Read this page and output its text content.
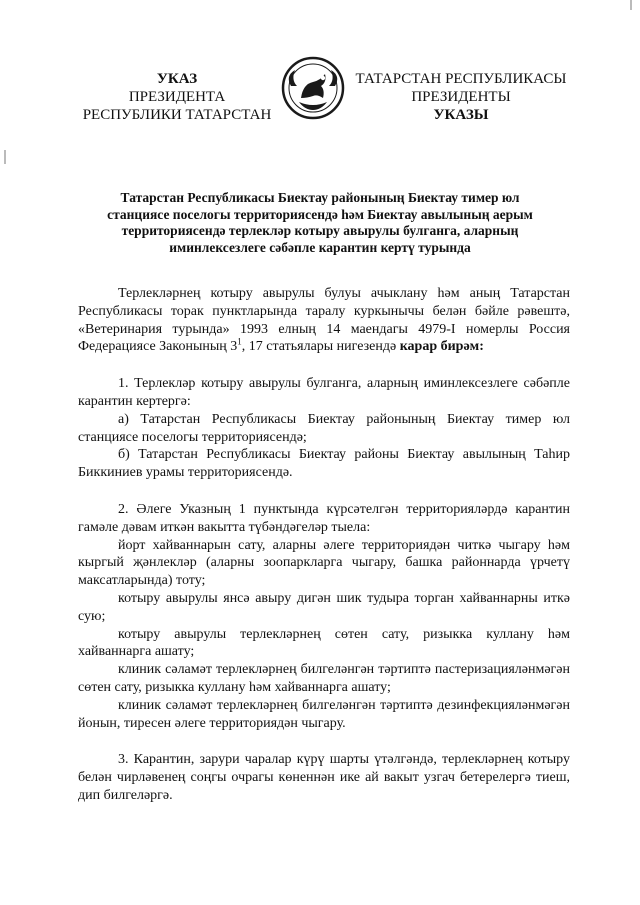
УКАЗ
ПРЕЗИДЕНТА
РЕСПУБЛИКИ ТАТАРСТАН
ТАТАРСТАН РЕСПУБЛИКАСЫ
ПРЕЗИДЕНТЫ
УКАЗЫ
Татарстан Республикасы Биектау районының Биектау тимер юл
станциясе поселогы территориясендә һәм Биектау авылының аерым
территориясендә терлекләр котыру авырулы булганга, аларның
иминлексезлеге сәбәпле карантин кертү турында

Терлекләрнең котыру авырулы булуы ачыклану һәм аның Татарстан Республикасы торак пунктларында таралу куркынычы белән бәйле рәвештә, «Ветеринария турында» 1993 елның 14 маендагы 4979-I номерлы Россия Федерациясе Законының $3^1$, 17 статьялары нигезендә карар бирәм:

1. Терлекләр котыру авырулы булганга, аларның иминлексезлеге сәбәпле карантин кертергә:

а) Татарстан Республикасы Биектау районының Биектау тимер юл станциясе поселогы территориясендә;

б) Татарстан Республикасы Биектау районы Биектау авылының Таһир Биккиниев урамы территориясендә.

2. Әлеге Указның 1 пунктында күрсәтелгән территорияләрдә карантин гамәле дәвам иткән вакытта түбәндәгеләр тыела:

йорт хайваннарын сату, аларны әлеге территориядән читкә чыгару һәм кыргый җәнлекләр (аларны зоопаркларга чыгару, башка районнарда үрчетү максатларында) тоту;

котыру авырулы янсә авыру дигән шик тудыра торган хайваннарны иткә сую;

котыру авырулы терлекләрнең сөтен сату, ризыкка куллану һәм хайваннарга ашату;

клиник сәламәт терлекләрнең билгеләнгән тәртиптә пастеризацияләнмәгән сөтен сату, ризыкка куллану һәм хайваннарга ашату;

клиник сәламәт терлекләрнең билгеләнгән тәртиптә дезинфекцияләнмәгән йонын, тиресен әлеге территориядән чыгару.

3. Карантин, зарури чаралар күрү шарты үтәлгәндә, терлекләрнең котыру белән чирләвенең соңгы очрагы көненнән ике ай вакыт узгач бетерелергә тиеш, дип билгеләргә.
